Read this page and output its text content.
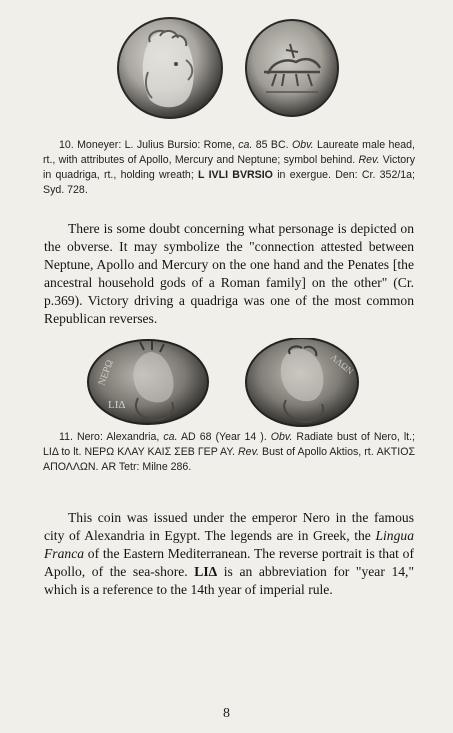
10. Moneyer: L. Julius Bursio: Rome, ca. 85 BC. Obv. Laureate male head, rt., with attributes of Apollo, Mercury and Neptune; symbol behind. Rev. Victory in quadriga, rt., holding wreath; L IVLI BVRSIO in exergue. Den: Cr. 352/1a; Syd. 728.
There is some doubt concerning what personage is depicted on the obverse. It may symbolize the "connection attested between Neptune, Apollo and Mercury on the one hand and the Penates [the ancestral household gods of a Roman family] on the other" (Cr. p.369). Victory driving a quadriga was one of the most common Republican reverses.
NEPΩ
LIΔ
ΛΛΩΝ
11. Nero: Alexandria, ca. AD 68 (Year 14 ). Obv. Radiate bust of Nero, lt.; LIΔ to lt. ΝΕΡΩ ΚΛΑΥ ΚΑΙΣ ΣΕΒ ΓΕΡ ΑΥ. Rev. Bust of Apollo Aktios, rt. ΑΚΤΙΟΣ ΑΠΟΛΛΩΝ. AR Tetr: Milne 286.
This coin was issued under the emperor Nero in the famous city of Alexandria in Egypt. The legends are in Greek, the Lingua Franca of the Eastern Mediterranean. The reverse portrait is that of Apollo, of the sea-shore. LIΔ is an abbreviation for "year 14," which is a reference to the 14th year of imperial rule.
8
